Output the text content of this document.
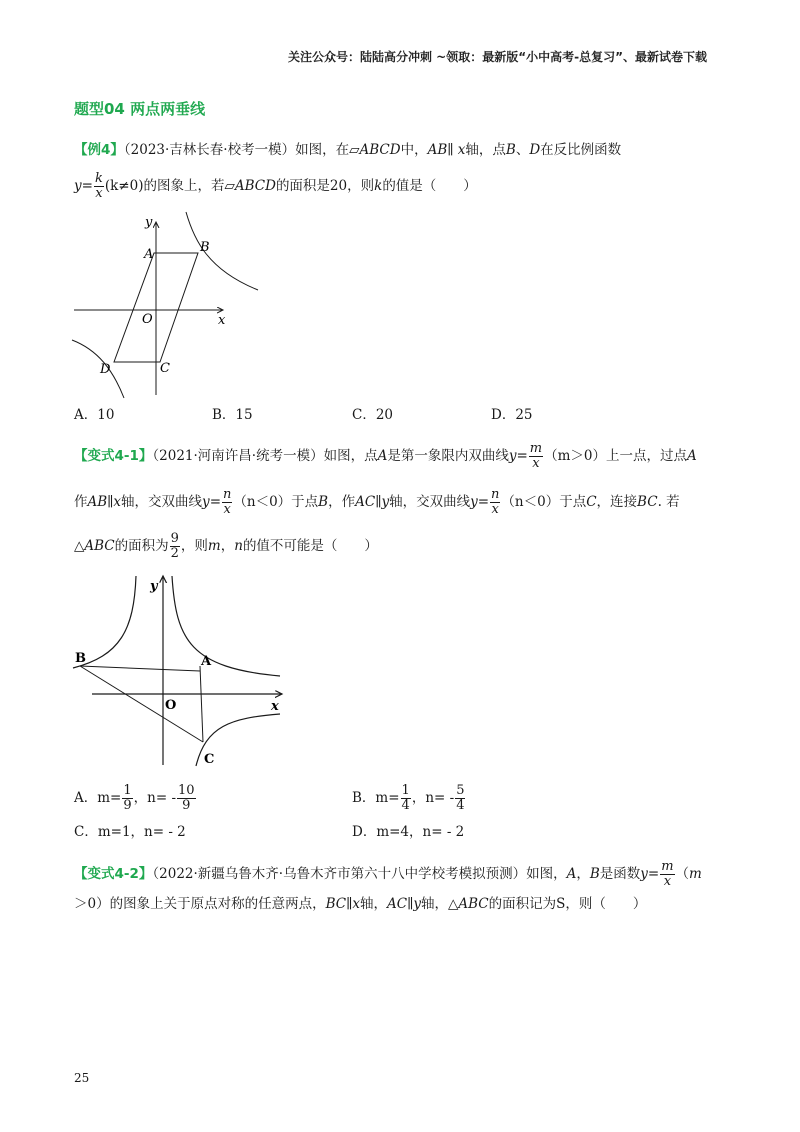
关注公众号：陆陆高分冲刺 ~领取：最新版“小中高考-总复习”、最新试卷下载
题型04 两点两垂线
【例4】（2023·吉林长春·校考一模）如图，在▱ABCD中，AB∥ x轴，点B、D在反比例函数
$y= \frac{k}{x} (k\ne 0)$的图象上，若▱ABCD的面积是20，则k的值是（　　）
A	B
O
C
D
x
y
A．10	B．15	C．20	D．25
【变式4-1】（2021·河南许昌·统考一模）如图，点A是第一象限内双曲线$y= \frac{m}{x} (m>0)$上一点，过点A
作AB∥x轴，交双曲线$y= \frac{n}{x} (n<0)$于点B，作AC∥y轴，交双曲线$y= \frac{n}{x} (n<0)$于点C，连接BC. 若
△ABC的面积为 $\frac{9}{2}$ ，则m，n的值不可能是（　　）
B	A
O
C
x
y
A．$m= \frac{1}{9}$ ，$n= - \frac{10}{9}$	B．$m= \frac{1}{4}$ ，$n= - \frac{5}{4}$
C．m=1，n= - 2	D．m=4，n= - 2
【变式4-2】（2022·新疆乌鲁木齐·乌鲁木齐市第六十八中学校考模拟预测）如图，A，B是函数$y= \frac{m}{x} (m$
＞0）的图象上关于原点对称的任意两点，BC∥x轴，AC∥y轴，△ABC的面积记为S，则（　　）
25
